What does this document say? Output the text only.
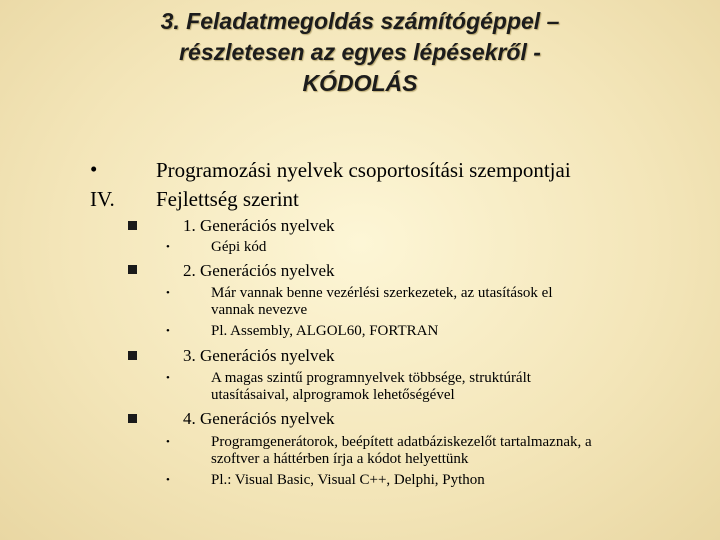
3. Feladatmegoldás számítógéppel –
részletesen az egyes lépésekről -
KÓDOLÁS
•
IV.
Programozási nyelvek csoportosítási szempontjai
Fejlettség szerint
1. Generációs nyelvek
•	Gépi kód
2. Generációs nyelvek
•	Már vannak benne vezérlési szerkezetek, az utasítások el
vannak nevezve
•	Pl. Assembly, ALGOL60, FORTRAN
3. Generációs nyelvek
•	A magas szintű programnyelvek többsége, struktúrált
utasításaival, alprogramok lehetőségével
4. Generációs nyelvek
•	Programgenerátorok, beépített adatbáziskezelőt tartalmaznak, a
szoftver a háttérben írja a kódot helyettünk
•	Pl.: Visual Basic, Visual C++, Delphi, Python
